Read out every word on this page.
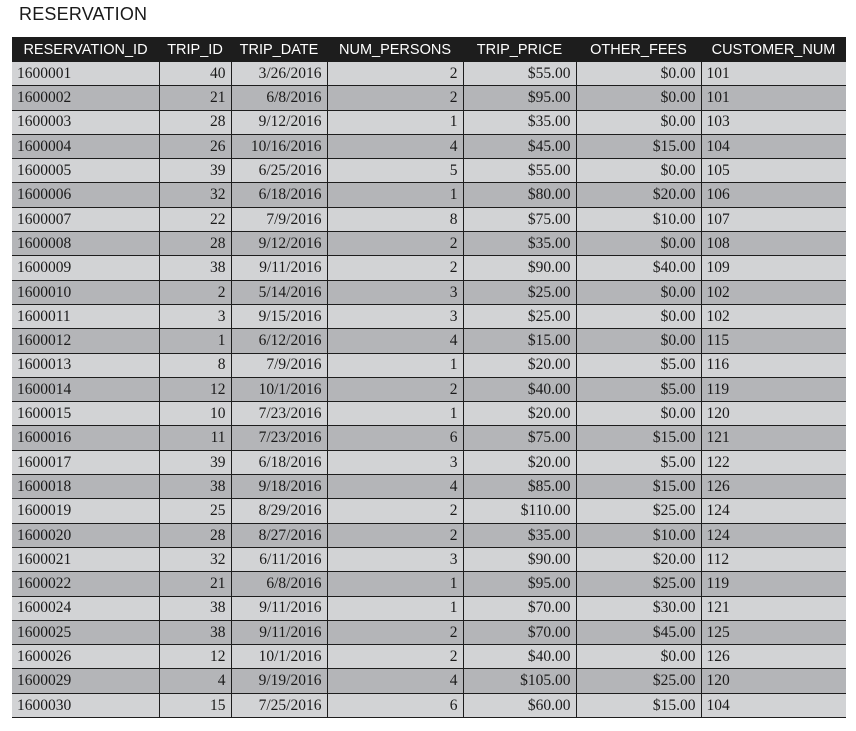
RESERVATION
RESERVATION_ID	TRIP_ID	TRIP_DATE	NUM_PERSONS	TRIP_PRICE	OTHER_FEES	CUSTOMER_NUM
1600001	40	3/26/2016	2	$55.00	$0.00	101
1600002	21	6/8/2016	2	$95.00	$0.00	101
1600003	28	9/12/2016	1	$35.00	$0.00	103
1600004	26	10/16/2016	4	$45.00	$15.00	104
1600005	39	6/25/2016	5	$55.00	$0.00	105
1600006	32	6/18/2016	1	$80.00	$20.00	106
1600007	22	7/9/2016	8	$75.00	$10.00	107
1600008	28	9/12/2016	2	$35.00	$0.00	108
1600009	38	9/11/2016	2	$90.00	$40.00	109
1600010	2	5/14/2016	3	$25.00	$0.00	102
1600011	3	9/15/2016	3	$25.00	$0.00	102
1600012	1	6/12/2016	4	$15.00	$0.00	115
1600013	8	7/9/2016	1	$20.00	$5.00	116
1600014	12	10/1/2016	2	$40.00	$5.00	119
1600015	10	7/23/2016	1	$20.00	$0.00	120
1600016	11	7/23/2016	6	$75.00	$15.00	121
1600017	39	6/18/2016	3	$20.00	$5.00	122
1600018	38	9/18/2016	4	$85.00	$15.00	126
1600019	25	8/29/2016	2	$110.00	$25.00	124
1600020	28	8/27/2016	2	$35.00	$10.00	124
1600021	32	6/11/2016	3	$90.00	$20.00	112
1600022	21	6/8/2016	1	$95.00	$25.00	119
1600024	38	9/11/2016	1	$70.00	$30.00	121
1600025	38	9/11/2016	2	$70.00	$45.00	125
1600026	12	10/1/2016	2	$40.00	$0.00	126
1600029	4	9/19/2016	4	$105.00	$25.00	120
1600030	15	7/25/2016	6	$60.00	$15.00	104
